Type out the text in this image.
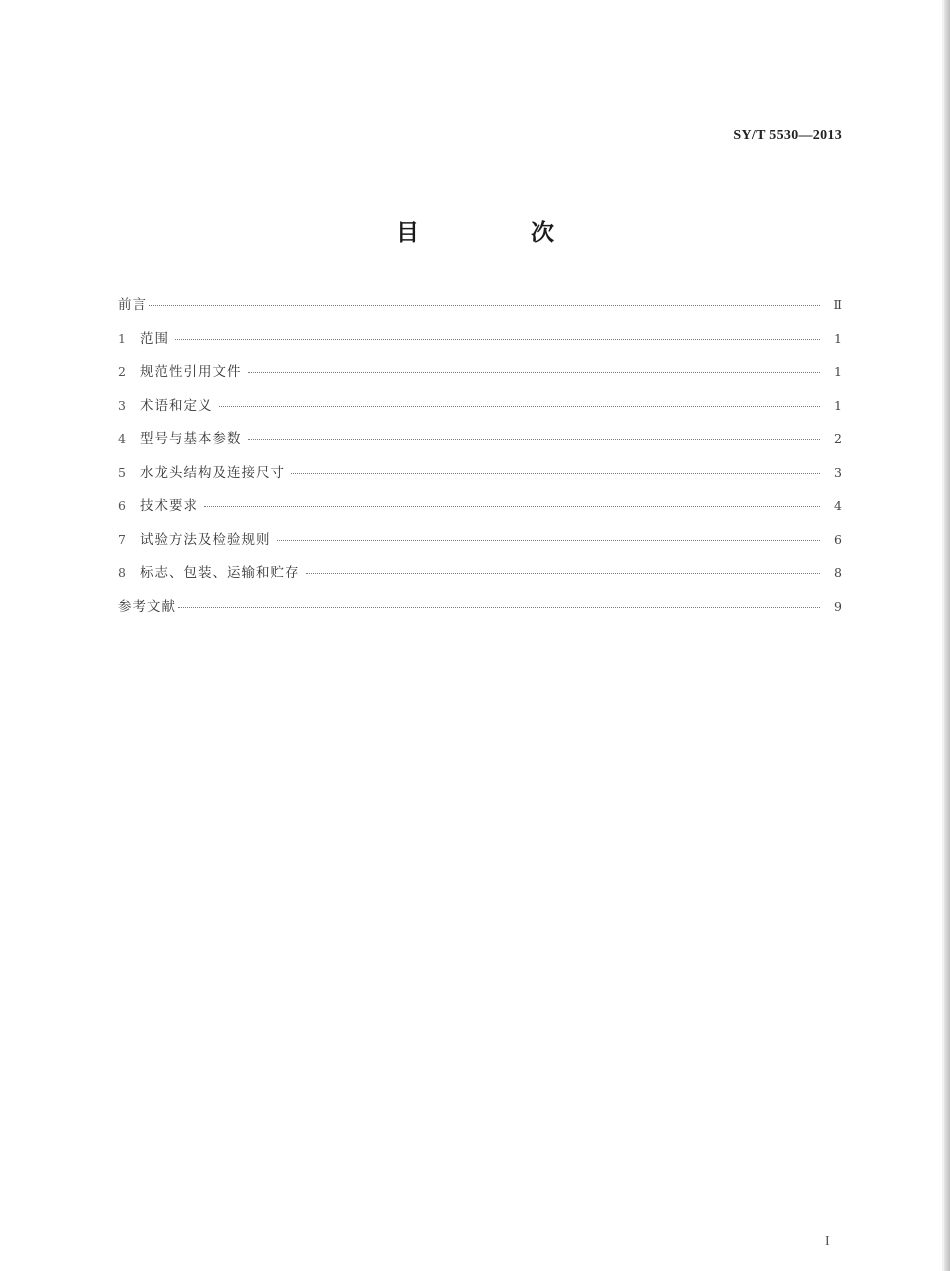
SY/T 5530—2013
目 次
前言	Ⅱ
1	范围	1
2	规范性引用文件	1
3	术语和定义	1
4	型号与基本参数	2
5	水龙头结构及连接尺寸	3
6	技术要求	4
7	试验方法及检验规则	6
8	标志、包装、运输和贮存	8
参考文献	9
I
